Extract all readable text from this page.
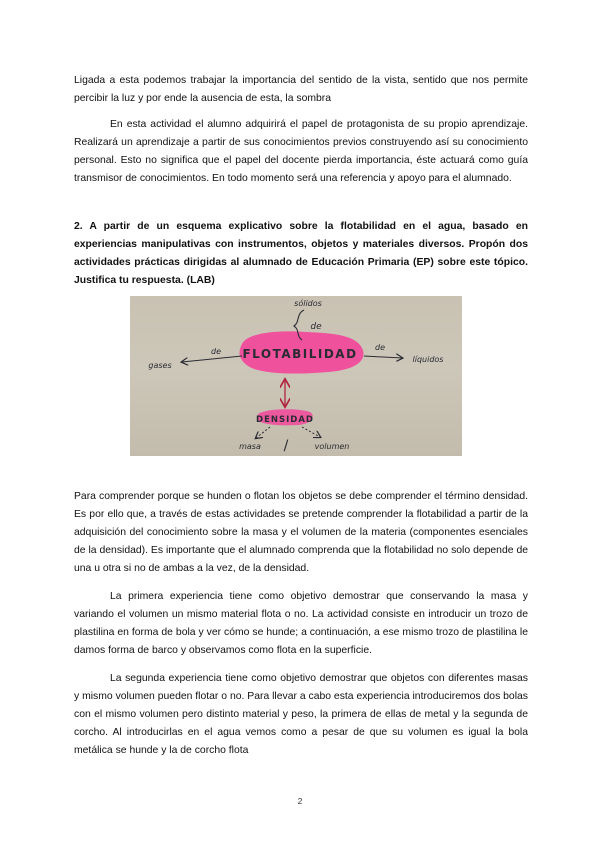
Ligada a esta podemos trabajar la importancia del sentido de la vista, sentido que nos permite percibir la luz y por ende la ausencia de esta, la sombra

En esta actividad el alumno adquirirá el papel de protagonista de su propio aprendizaje. Realizará un aprendizaje a partir de sus conocimientos previos construyendo así su conocimiento personal. Esto no significa que el papel del docente pierda importancia, éste actuará como guía transmisor de conocimientos. En todo momento será una referencia y apoyo para el alumnado.

2. A partir de un esquema explicativo sobre la flotabilidad en el agua, basado en experiencias manipulativas con instrumentos, objetos y materiales diversos. Propón dos actividades prácticas dirigidas al alumnado de Educación Primaria (EP) sobre este tópico. Justifica tu respuesta. (LAB)

FLOTABILIDAD
sólidos
de
gases
de	de
líquidos
DENSIDAD
masa /	volumen

Para comprender porque se hunden o flotan los objetos se debe comprender el término densidad. Es por ello que, a través de estas actividades se pretende comprender la flotabilidad a partir de la adquisición del conocimiento sobre la masa y el volumen de la materia (componentes esenciales de la densidad). Es importante que el alumnado comprenda que la flotabilidad no solo depende de una u otra si no de ambas a la vez, de la densidad.

La primera experiencia tiene como objetivo demostrar que conservando la masa y variando el volumen un mismo material flota o no. La actividad consiste en introducir un trozo de plastilina en forma de bola y ver cómo se hunde; a continuación, a ese mismo trozo de plastilina le damos forma de barco y observamos como flota en la superficie.

La segunda experiencia tiene como objetivo demostrar que objetos con diferentes masas y mismo volumen pueden flotar o no. Para llevar a cabo esta experiencia introduciremos dos bolas con el mismo volumen pero distinto material y peso, la primera de ellas de metal y la segunda de corcho. Al introducirlas en el agua vemos como a pesar de que su volumen es igual la bola metálica se hunde y la de corcho flota

2
